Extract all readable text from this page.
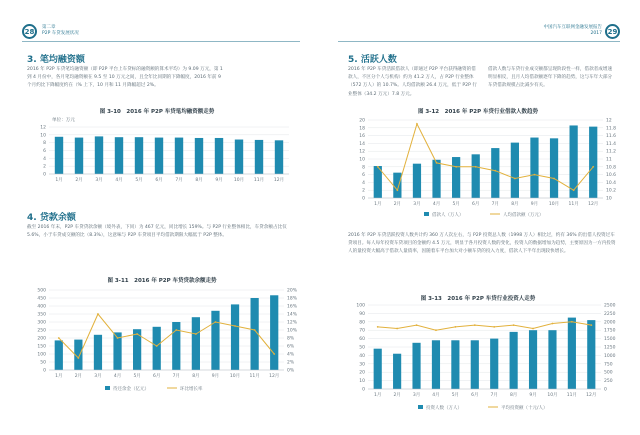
28	第二章
P2P 车贷发展状况
3. 笔均融资额
2016 年 P2P 车贷笔均融资额（即 P2P 平台上车贷标的融资额的算术平均）为 9.09 万元，第 1 到 4 月份中，各月笔均融资额在 9.5 至 10 万元之间，且全年比同期的下降幅度，2016 年前 9 个月约比下降幅度约在（% 上下，10 月和 11 月降幅超过 2%。
图 3-10　2016 年 P2P 车贷笔均融资额走势
单位：万元
0
2
4
6
8
10
12
1月	2月	3月	4月	5月	6月	7月	8月	9月 10月 11月 12月
4. 贷款余额
截至 2016 年末，P2P 车贷贷款余额（境外表，下同）为 467 亿元，同比增长 159%。与 P2P 行业整体相比，车贷余额占比仅 5.6%，小于车贷成交额的比（8.3%），这意味与 P2P 车贷项目平均借款期限大幅低于 P2P 整体。
图 3-11　2016 年 P2P 车贷贷款余额走势
0
50
100
150
200
250
300
350
400
450
500
0%
2%
4%
6%
8%
10%
12%
14%
16%
18%
20%
1月	2月	3月	4月	5月	6月	7月	8月	9月 10月 11月 12月
待还余金（亿元）	环比增长率
中国汽车互联网金融发展报告
2017 29
5. 活跃人数
2016 年 P2P 车贷活跃借款人（即通过 P2P 平台获得融资的借款人，不区分个人与机构）约为 41.2 万人，占 P2P 行业整体（572 万人）的 10.7%。人均借款额 26.4 万元，低于 P2P 行业整体（34.2 万元）7.8 万元。
借款人数与车贷行业成交额都呈现阶段性一样，借款者成增速明显相反，且月人均借款额逐年下降的趋势，这与车年大部分车贷借款规模占比减少有关。
图 3-12　2016 年 P2P 车贷行业借款人数趋势
0
2
4
6
8
10
12
14
16
18
20
10
10.2
10.4
10.6
10.8
11
11.2
11.4
11.6
11.8
12
1月	2月	3月	4月	5月	6月	7月	8月	9月 10月 11月 12月
借款人（万人）	人均借款额（万元）
2016 年 P2P 车贷活跃投资人数共计约 360 万人次左右，与 P2P 投资总人数（1998 万人）相比过，约有 36% 的出借人投资过车贷项目。每人每年投资车贷项目的金额约 4.5 万元，明显于各月投资人数的变化，投资人的数据增加为趋势，主要原因为一方内投资人的量投资大幅高于借款人量债率，因随着车平台加大对小额车贷的投入力度，借款人下半年出现较快增长。
图 3-13　2016 年 P2P 车贷行业投资人走势
0
10
20
30
40
50
60
70
80
90
100
0
250
500
750
1000
1250
1500
1750
2000
2250
2500
1月	2月	3月	4月	5月	6月	7月	8月	9月 10月 11月 12月
投资人数（万人）	平均投资额（十元/人）
